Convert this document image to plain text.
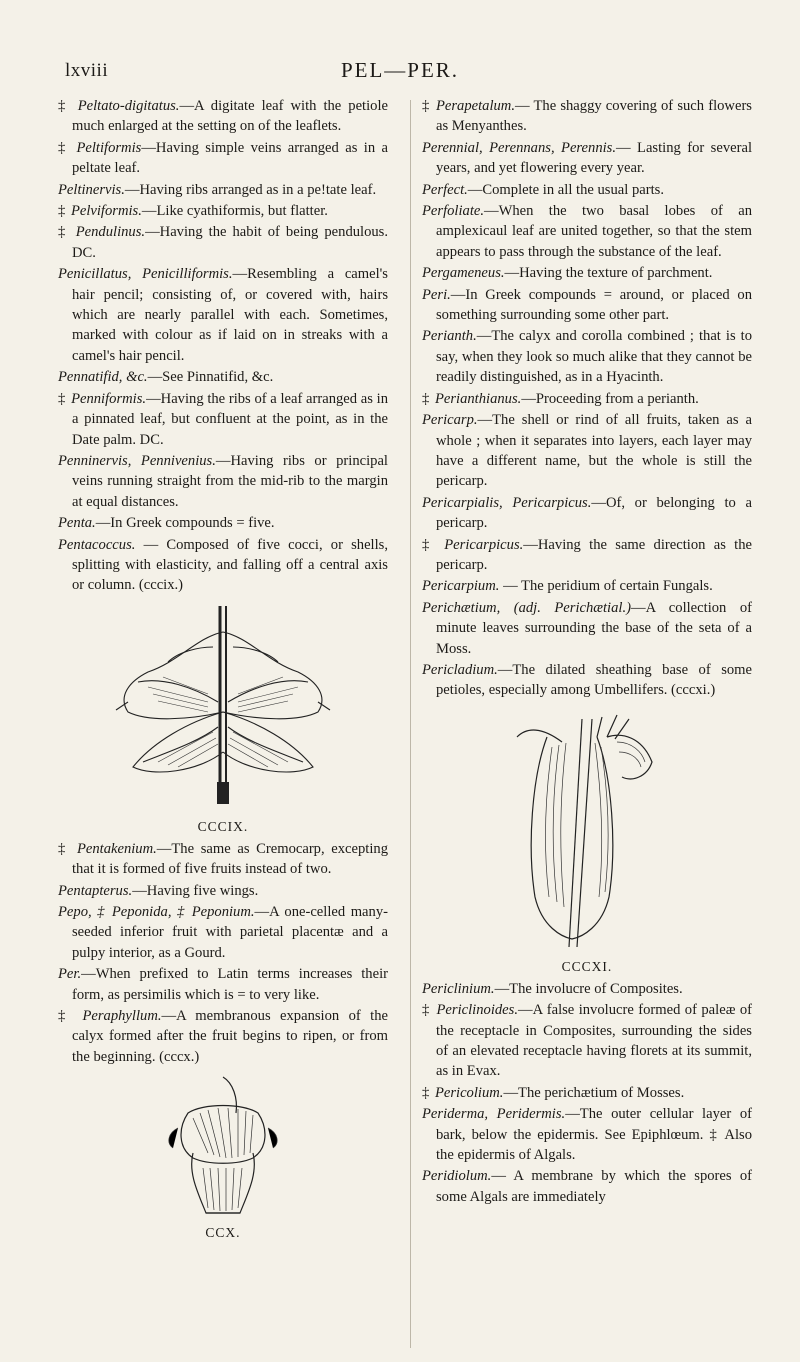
lxviii	PEL—PER.

‡ Peltato-digitatus.—A digitate leaf with the petiole much enlarged at the setting on of the leaflets.

‡ Peltiformis—Having simple veins arranged as in a peltate leaf.

Peltinervis.—Having ribs arranged as in a pe!tate leaf.

‡ Pelviformis.—Like cyathiformis, but flatter.

‡ Pendulinus.—Having the habit of being pendulous. DC.

Penicillatus, Penicilliformis.—Resembling a camel's hair pencil; consisting of, or covered with, hairs which are nearly parallel with each. Sometimes, marked with colour as if laid on in streaks with a camel's hair pencil.

Pennatifid, &c.—See Pinnatifid, &c.

‡ Penniformis.—Having the ribs of a leaf arranged as in a pinnated leaf, but confluent at the point, as in the Date palm. DC.

Penninervis, Pennivenius.—Having ribs or principal veins running straight from the mid-rib to the margin at equal distances.

Penta.—In Greek compounds = five.

Pentacoccus. — Composed of five cocci, or shells, splitting with elasticity, and falling off a central axis or column. (cccix.)

CCCIX.

‡ Pentakenium.—The same as Cremocarp, excepting that it is formed of five fruits instead of two.

Pentapterus.—Having five wings.

Pepo, ‡ Peponida, ‡ Peponium.—A one-celled many-seeded inferior fruit with parietal placentæ and a pulpy interior, as a Gourd.

Per.—When prefixed to Latin terms increases their form, as persimilis which is = to very like.

‡ Peraphyllum.—A membranous expansion of the calyx formed after the fruit begins to ripen, or from the beginning. (cccx.)

CCX.

‡ Perapetalum.— The shaggy covering of such flowers as Menyanthes.

Perennial, Perennans, Perennis.— Lasting for several years, and yet flowering every year.

Perfect.—Complete in all the usual parts.

Perfoliate.—When the two basal lobes of an amplexicaul leaf are united together, so that the stem appears to pass through the substance of the leaf.

Pergameneus.—Having the texture of parchment.

Peri.—In Greek compounds = around, or placed on something surrounding some other part.

Perianth.—The calyx and corolla combined ; that is to say, when they look so much alike that they cannot be readily distinguished, as in a Hyacinth.

‡ Perianthianus.—Proceeding from a perianth.

Pericarp.—The shell or rind of all fruits, taken as a whole ; when it separates into layers, each layer may have a different name, but the whole is still the pericarp.

Pericarpialis, Pericarpicus.—Of, or belonging to a pericarp.

‡ Pericarpicus.—Having the same direction as the pericarp.

Pericarpium. — The peridium of certain Fungals.

Perichætium, (adj. Perichætial.)—A collection of minute leaves surrounding the base of the seta of a Moss.

Pericladium.—The dilated sheathing base of some petioles, especially among Umbellifers. (cccxi.)

CCCXI.

Periclinium.—The involucre of Composites.

‡ Periclinoides.—A false involucre formed of paleæ of the receptacle in Composites, surrounding the sides of an elevated receptacle having florets at its summit, as in Evax.

‡ Pericolium.—The perichætium of Mosses.

Periderma, Peridermis.—The outer cellular layer of bark, below the epidermis. See Epiphlœum. ‡ Also the epidermis of Algals.

Peridiolum.— A membrane by which the spores of some Algals are immediately
